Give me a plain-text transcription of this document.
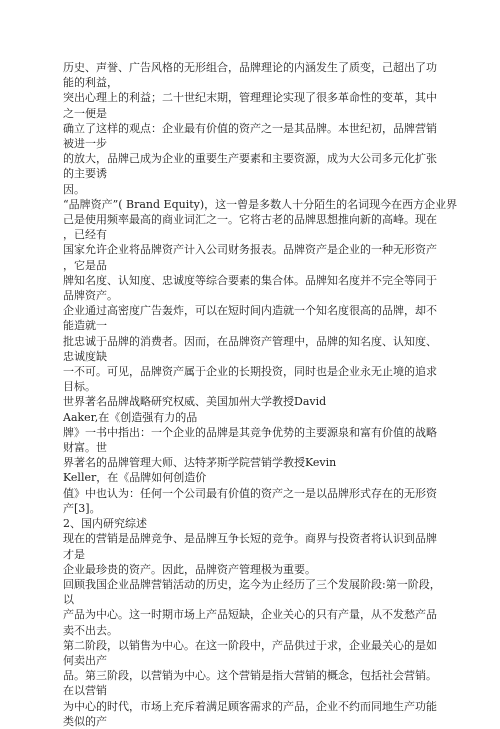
历史、声誉、广告风格的无形组合，品牌理论的内涵发生了质变，己超出了功
能的利益，
突出心理上的利益；二十世纪末期，管理理论实现了很多革命性的变革，其中
之一便是
确立了这样的观点：企业最有价值的资产之一是其品牌。本世纪初，品牌营销
被进一步
的放大，品牌己成为企业的重要生产要素和主要资源，成为大公司多元化扩张
的主要诱
因。
“品牌资产”( Brand Equity)，这一曾是多数人十分陌生的名词现今在西方企业界
己是使用频率最高的商业词汇之一。它将古老的品牌思想推向新的高峰。现在
，已经有
国家允许企业将品牌资产计入公司财务报表。品牌资产是企业的一种无形资产
，它是品
牌知名度、认知度、忠诚度等综合要素的集合体。品牌知名度并不完全等同于
品牌资产。
企业通过高密度广告轰炸，可以在短时间内造就一个知名度很高的品牌，却不
能造就一
批忠诚于品牌的消费者。因而，在品牌资产管理中，品牌的知名度、认知度、
忠诚度缺
一不可。可见，品牌资产属于企业的长期投资，同时也是企业永无止境的追求
目标。
世界著名品牌战略研究权威、美国加州大学教授David
Aaker,在《创造强有力的品
牌》一书中指出：一个企业的品牌是其竞争优势的主要源泉和富有价值的战略
财富。世
界著名的品牌管理大师、达特茅斯学院营销学教授Kevin
Keller，在《品牌如何创造价
值》中也认为：任何一个公司最有价值的资产之一是以品牌形式存在的无形资
产[3]。
2、国内研究综述
现在的营销是品牌竞争、是品牌互争长短的竞争。商界与投资者将认识到品牌
才是
企业最珍贵的资产。因此，品牌资产管理极为重要。
回顾我国企业品牌营销活动的历史，迄今为止经历了三个发展阶段:第一阶段，
以
产品为中心。这一时期市场上产品短缺，企业关心的只有产量，从不发愁产品
卖不出去。
第二阶段，以销售为中心。在这一阶段中，产品供过于求，企业最关心的是如
何卖出产
品。第三阶段，以营销为中心。这个营销是指大营销的概念，包括社会营销。
在以营销
为中心的时代，市场上充斥着满足顾客需求的产品，企业不约而同地生产功能
类似的产
